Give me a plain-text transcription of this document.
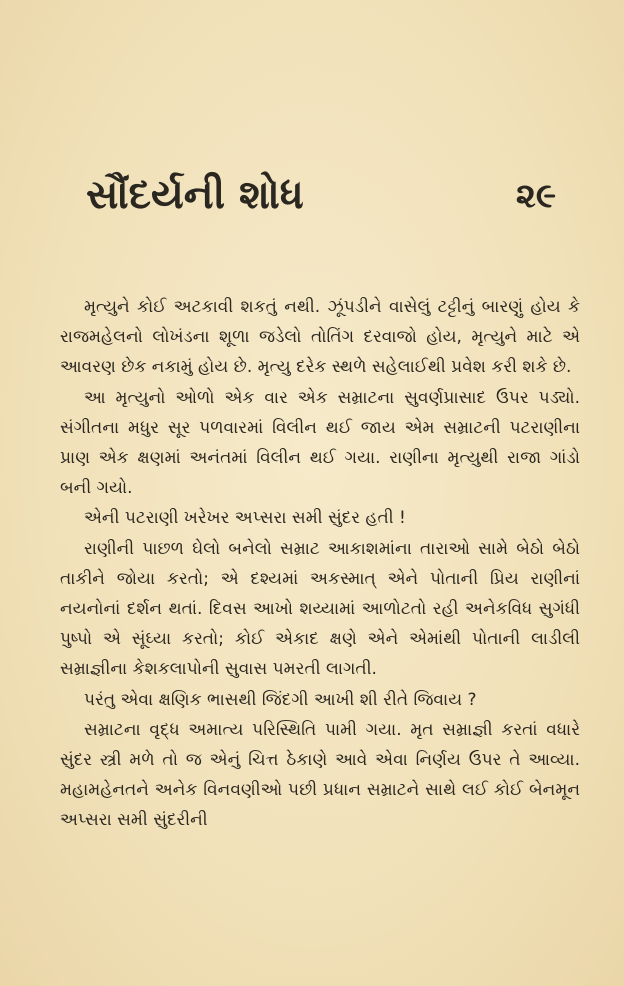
સૌંદર્યની શોધ	૨૯

મૃત્યુને કોઈ અટકાવી શકતું નથી. ઝૂંપડીને વાસેલું ટટ્ટીનું બારણું હોય કે રાજમહેલનો લોખંડના શૂળા જડેલો તોતિંગ દરવાજો હોય, મૃત્યુને માટે એ આવરણ છેક નકામું હોય છે. મૃત્યુ દરેક સ્થળે સહેલાઈથી પ્રવેશ કરી શકે છે.

આ મૃત્યુનો ઓળો એક વાર એક સમ્રાટના સુવર્ણપ્રાસાદ ઉપર પડ્યો. સંગીતના મધુર સૂર પળવારમાં વિલીન થઈ જાય એમ સમ્રાટની પટરાણીના પ્રાણ એક ક્ષણમાં અનંતમાં વિલીન થઈ ગયા. રાણીના મૃત્યુથી રાજા ગાંડો બની ગયો.

એની પટરાણી ખરેખર અપ્સરા સમી સુંદર હતી !

રાણીની પાછળ ઘેલો બનેલો સમ્રાટ આકાશમાંના તારાઓ સામે બેઠો બેઠો તાકીને જોયા કરતો; એ દશ્યમાં અકસ્માત્ એને પોતાની પ્રિય રાણીનાં નયનોનાં દર્શન થતાં. દિવસ આખો શય્યામાં આળોટતો રહી અનેકવિધ સુગંધી પુષ્પો એ સૂંઘ્યા કરતો; કોઈ એકાદ ક્ષણે એને એમાંથી પોતાની લાડીલી સમ્રાજ્ઞીના કેશકલાપોની સુવાસ પમરતી લાગતી.

પરંતુ એવા ક્ષણિક ભાસથી જિંદગી આખી શી રીતે જિવાય ?

સમ્રાટના વૃદ્ધ અમાત્ય પરિસ્થિતિ પામી ગયા. મૃત સમ્રાજ્ઞી કરતાં વધારે સુંદર સ્ત્રી મળે તો જ એનું ચિત્ત ઠેકાણે આવે એવા નિર્ણય ઉપર તે આવ્યા. મહામહેનતને અનેક વિનવણીઓ પછી પ્રધાન સમ્રાટને સાથે લઈ કોઈ બેનમૂન અપ્સરા સમી સુંદરીની
